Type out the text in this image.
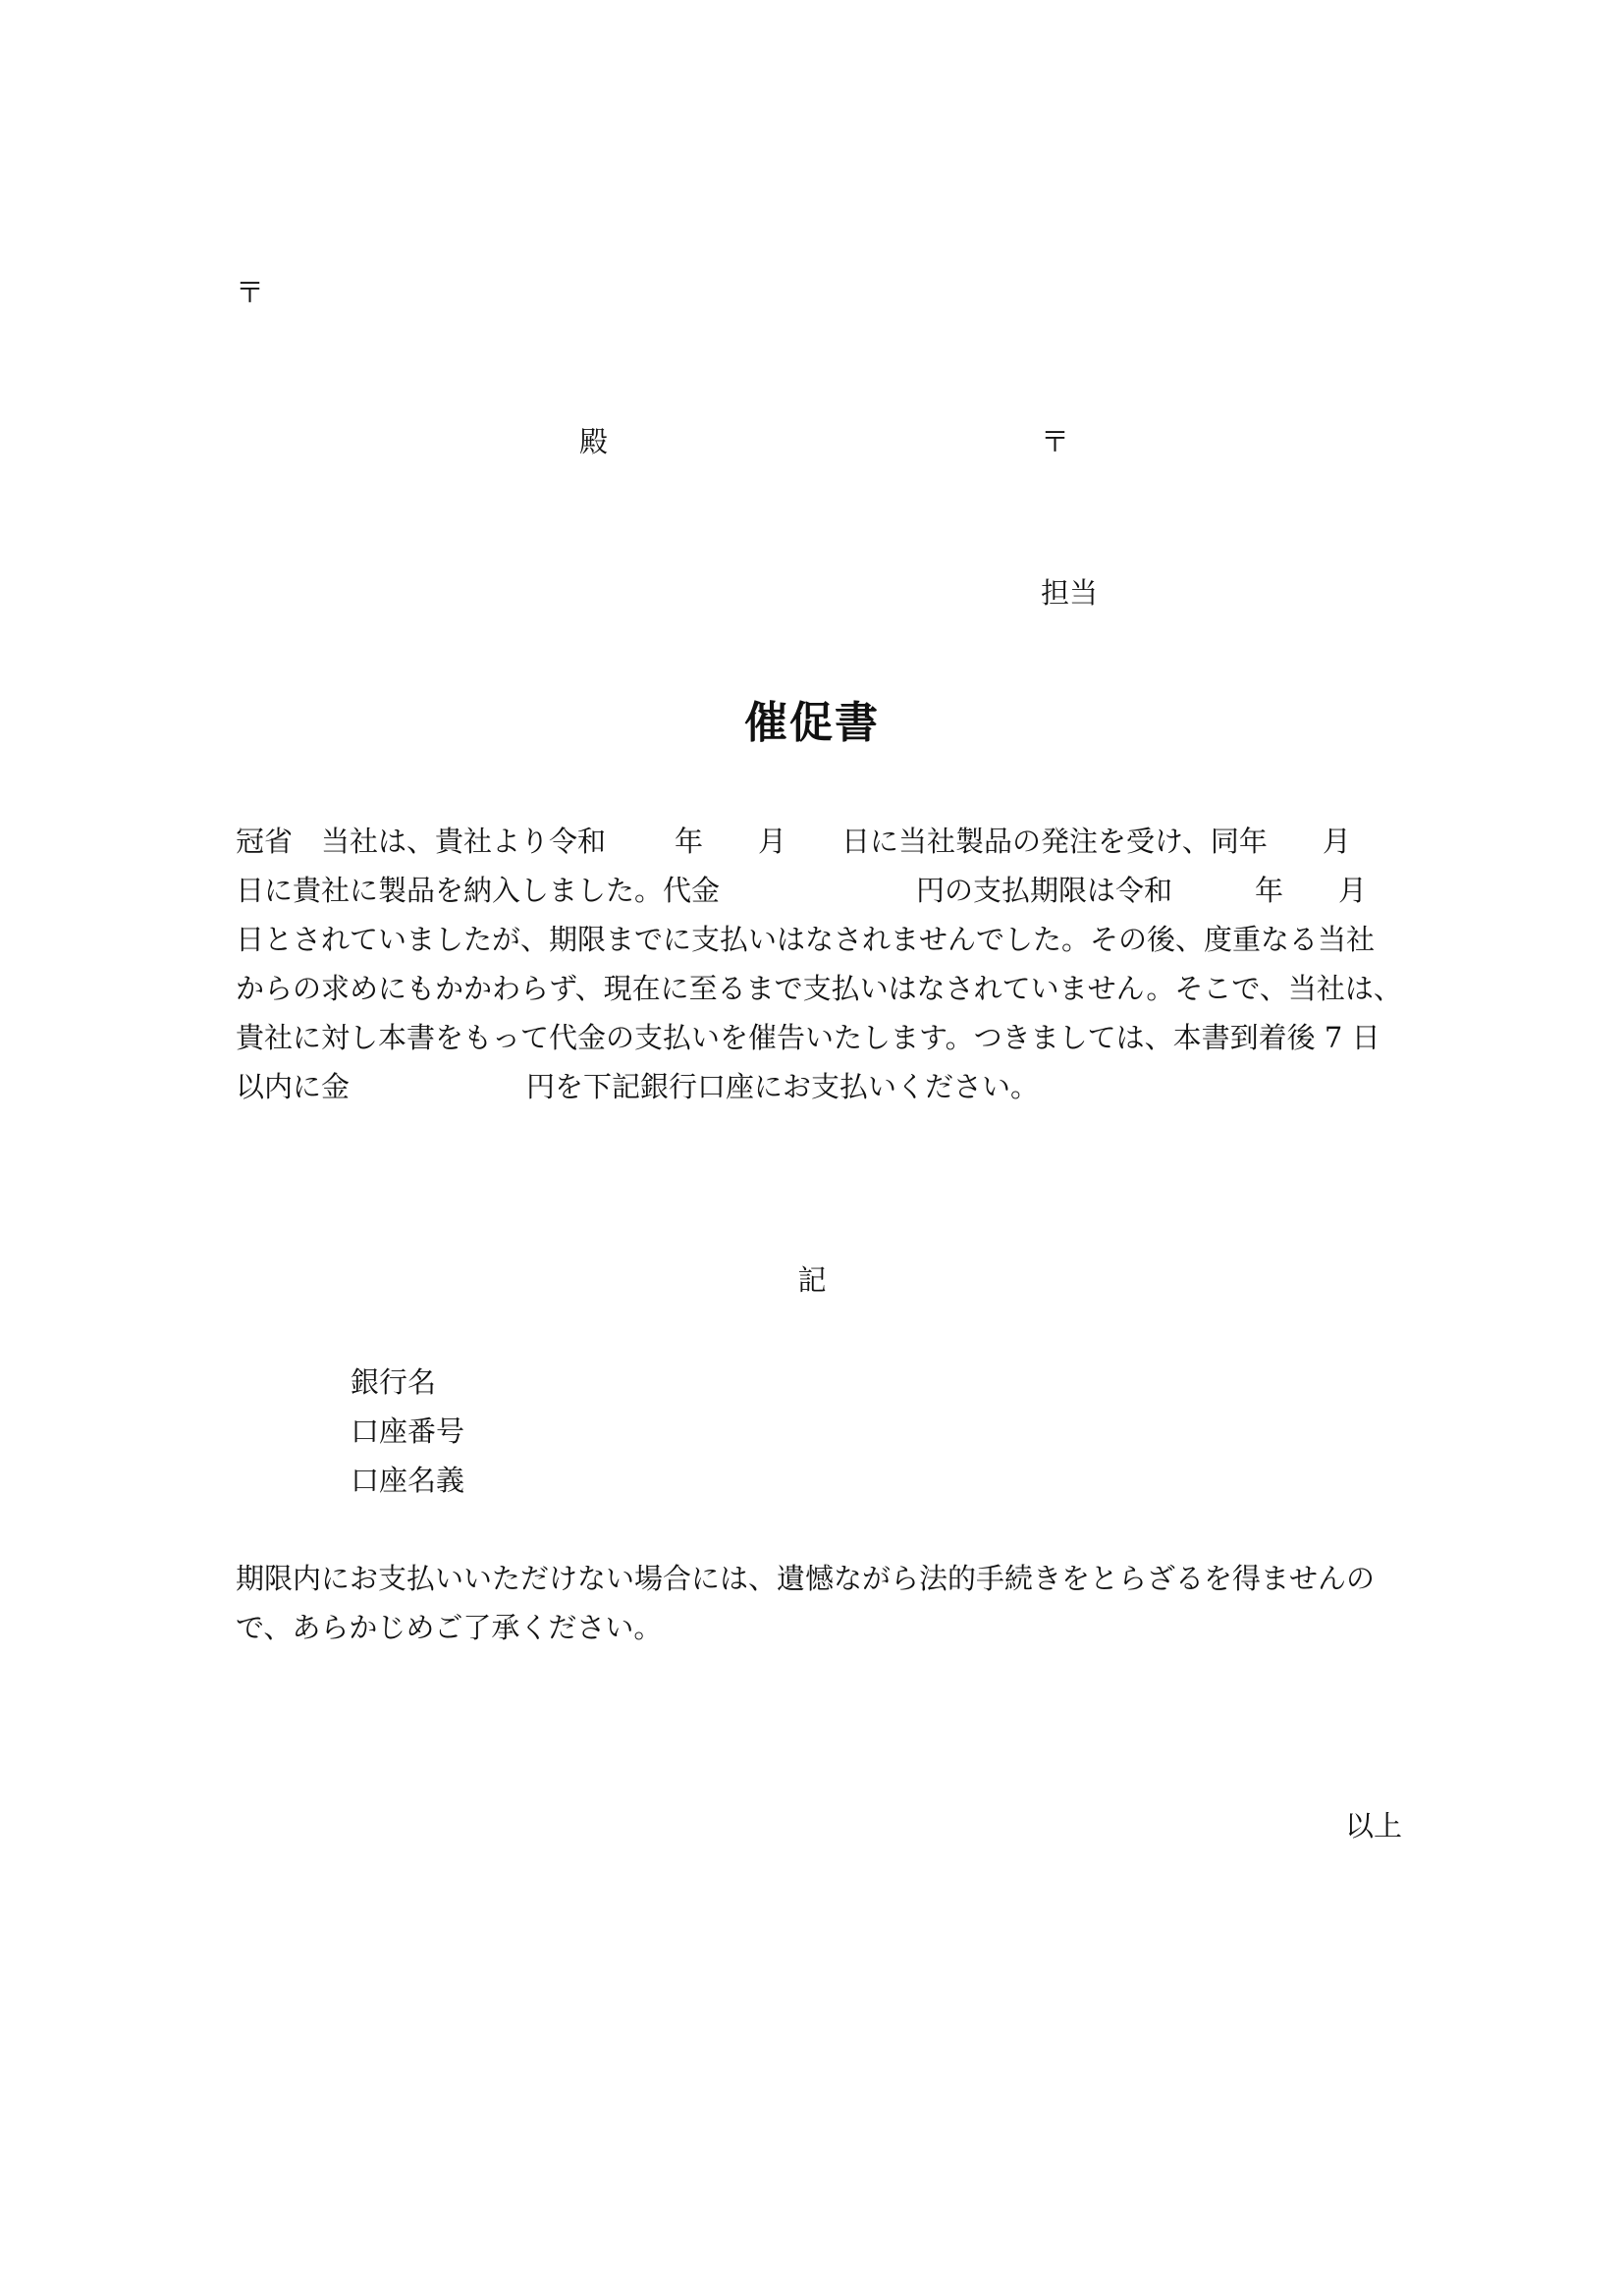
〒
殿	〒
担当
催促書
冠省　当社は、貴社より令和 年 月 日に当社製品の発注を受け、同年 月
日に貴社に製品を納入しました。代金	円の支払期限は令和	年 月
日とされていましたが、期限までに支払いはなされませんでした。その後、度重なる当社
からの求めにもかかわらず、現在に至るまで支払いはなされていません。そこで、当社は、
貴社に対し本書をもって代金の支払いを催告いたします。つきましては、本書到着後 7 日
以内に金	円を下記銀行口座にお支払いください。
記
銀行名
口座番号
口座名義
期限内にお支払いいただけない場合には、遺憾ながら法的手続きをとらざるを得ませんの
で、あらかじめご了承ください。
以上
